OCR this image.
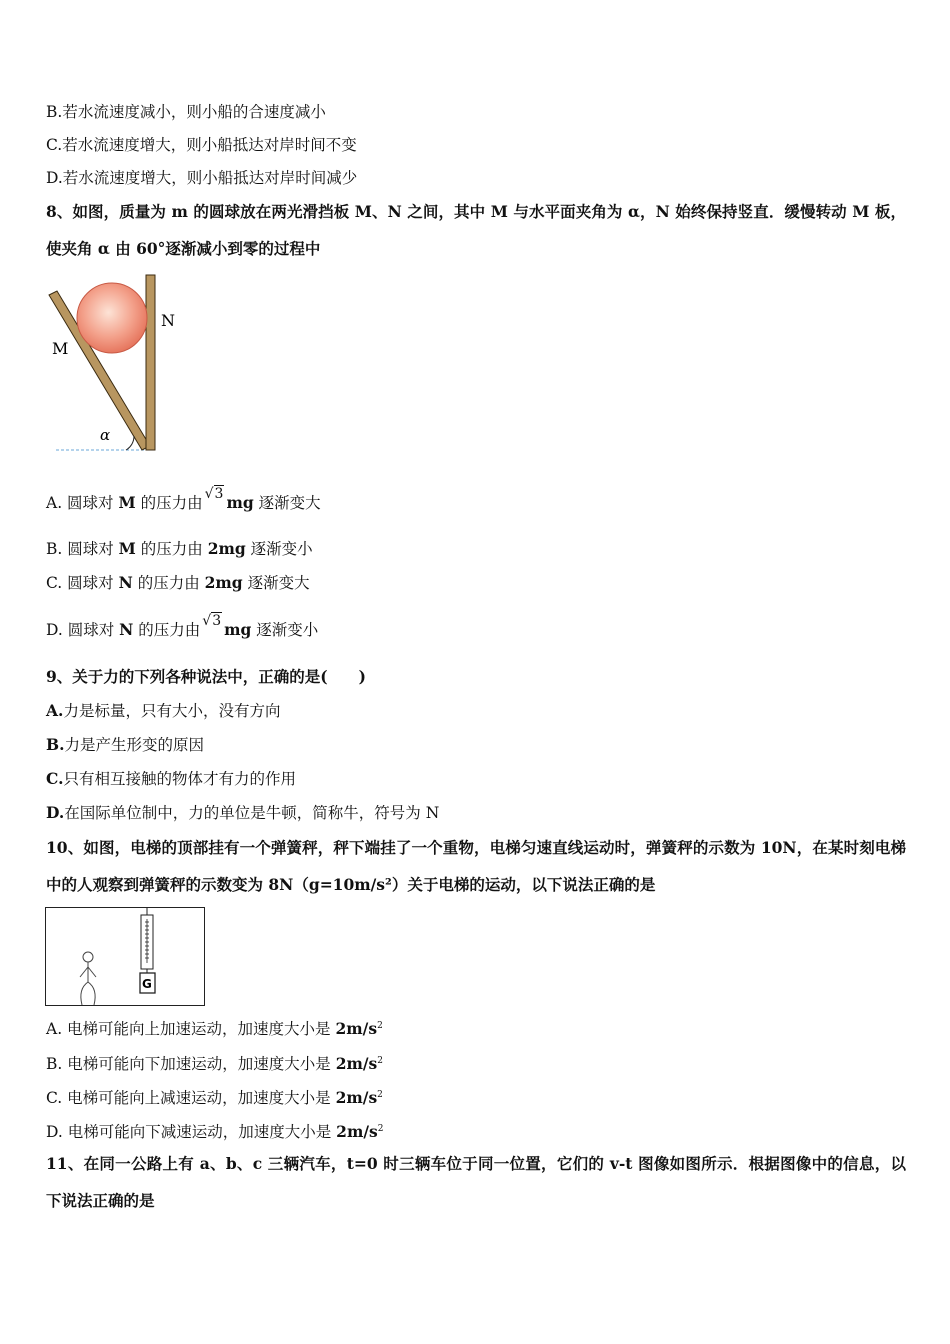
B.若水流速度减小，则小船的合速度减小
C.若水流速度增大，则小船抵达对岸时间不变
D.若水流速度增大，则小船抵达对岸时间减少
8、如图，质量为 m 的圆球放在两光滑挡板 M、N 之间，其中 M 与水平面夹角为 α，N 始终保持竖直．缓慢转动 M 板，使夹角 α 由 60°逐渐减小到零的过程中
M
N
α
A. 圆球对 M 的压力由 √3 mg 逐渐变大
B. 圆球对 M 的压力由 2mg 逐渐变小
C. 圆球对 N 的压力由 2mg 逐渐变大
D. 圆球对 N 的压力由 √3 mg 逐渐变小
9、关于力的下列各种说法中，正确的是(　　)
A.力是标量，只有大小，没有方向
B.力是产生形变的原因
C.只有相互接触的物体才有力的作用
D.在国际单位制中，力的单位是牛顿，简称牛，符号为 N
10、如图，电梯的顶部挂有一个弹簧秤，秤下端挂了一个重物，电梯匀速直线运动时，弹簧秤的示数为 10N，在某时刻电梯中的人观察到弹簧秤的示数变为 8N（g=10m/s²）关于电梯的运动，以下说法正确的是
G
A. 电梯可能向上加速运动，加速度大小是 $2m/s^2$
B. 电梯可能向下加速运动，加速度大小是 $2m/s^2$
C. 电梯可能向上减速运动，加速度大小是 $2m/s^2$
D. 电梯可能向下减速运动，加速度大小是 $2m/s^2$
11、在同一公路上有 a、b、c 三辆汽车，t=0 时三辆车位于同一位置，它们的 v-t 图像如图所示．根据图像中的信息，以下说法正确的是
